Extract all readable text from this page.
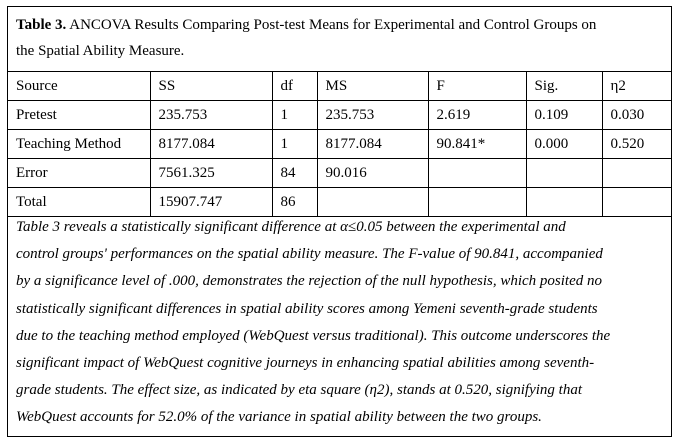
Table 3. ANCOVA Results Comparing Post-test Means for Experimental and Control Groups on
the Spatial Ability Measure.
Source	SS	df	MS	F	Sig.	η2
Pretest	235.753	1	235.753	2.619	0.109	0.030
Teaching Method	8177.084	1	8177.084	90.841*	0.000	0.520
Error	7561.325	84	90.016			
Total	15907.747	86				
Table 3 reveals a statistically significant difference at α≤0.05 between the experimental and
control groups' performances on the spatial ability measure. The F-value of 90.841, accompanied
by a significance level of .000, demonstrates the rejection of the null hypothesis, which posited no
statistically significant differences in spatial ability scores among Yemeni seventh-grade students
due to the teaching method employed (WebQuest versus traditional). This outcome underscores the
significant impact of WebQuest cognitive journeys in enhancing spatial abilities among seventh-
grade students. The effect size, as indicated by eta square (η2), stands at 0.520, signifying that
WebQuest accounts for 52.0% of the variance in spatial ability between the two groups.
